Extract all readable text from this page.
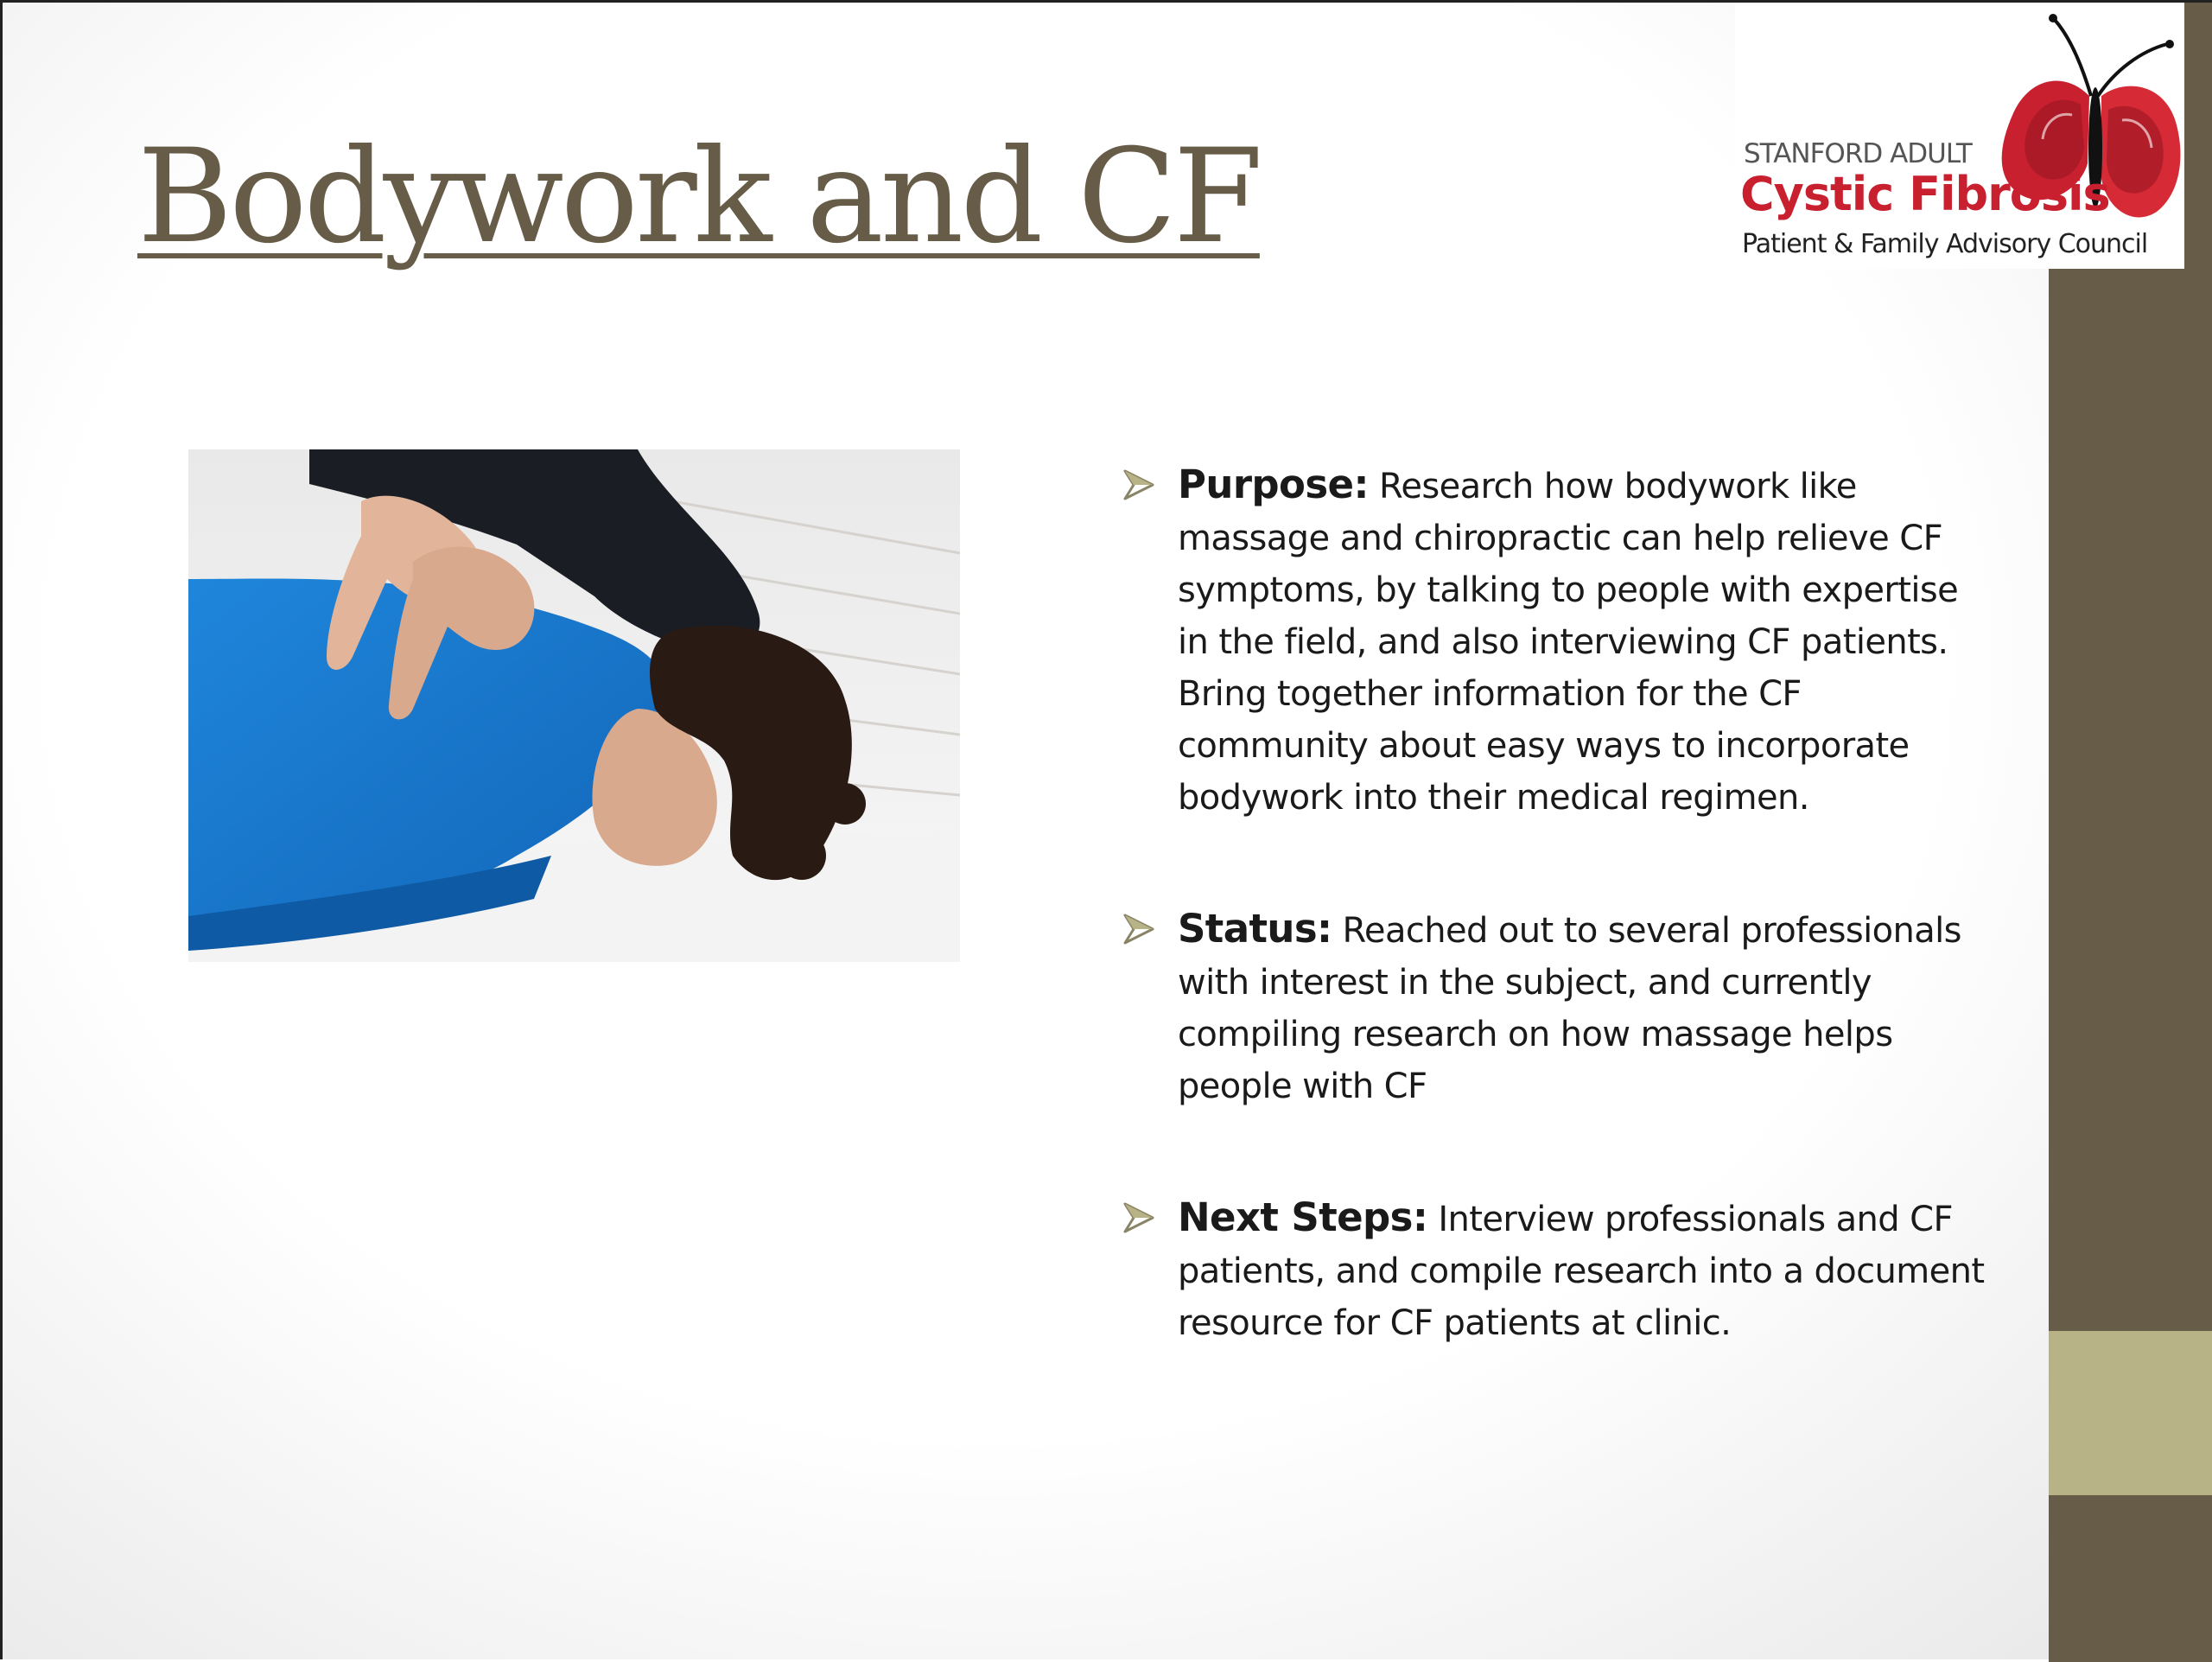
Bodywork and CF	STANFORD ADULT
Cystic Fibrosis
Patient & Family Advisory Council
Purpose: Research how bodywork like massage and chiropractic can help relieve CF symptoms, by talking to people with expertise in the field, and also interviewing CF patients. Bring together information for the CF community about easy ways to incorporate bodywork into their medical regimen.
Status: Reached out to several professionals with interest in the subject, and currently compiling research on how massage helps people with CF
Next Steps: Interview professionals and CF patients, and compile research into a document resource for CF patients at clinic.
